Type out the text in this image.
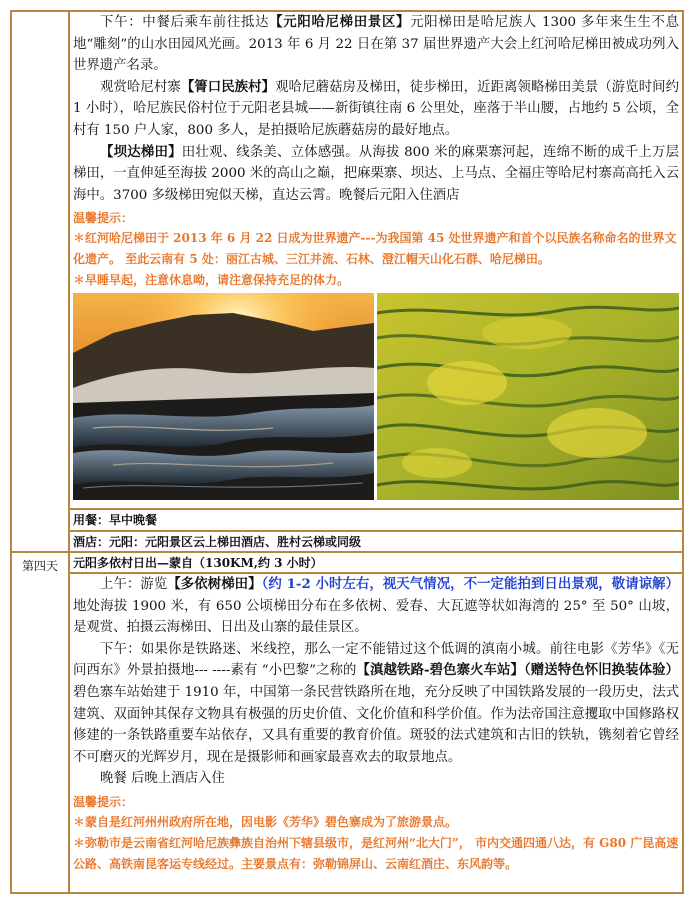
第四天

下午：中餐后乘车前往抵达【元阳哈尼梯田景区】元阳梯田是哈尼族人 1300 多年来生生不息地“雕刻”的山水田园风光画。2013 年 6 月 22 日在第 37 届世界遗产大会上红河哈尼梯田被成功列入世界遗产名录。

观赏哈尼村寨【箐口民族村】观哈尼蘑菇房及梯田，徒步梯田，近距离领略梯田美景（游览时间约 1 小时），哈尼族民俗村位于元阳老县城——新街镇往南 6 公里处，座落于半山腰，占地约 5 公顷，全村有 150 户人家，800 多人，是拍摄哈尼族蘑菇房的最好地点。

【坝达梯田】田壮观、线条美、立体感强。从海拔 800 米的麻栗寨河起，连绵不断的成千上万层梯田，一直伸延至海拔 2000 米的高山之巅，把麻栗寨、坝达、上马点、全福庄等哈尼村寨高高托入云海中。3700 多级梯田宛似天梯，直达云霄。晚餐后元阳入住酒店

温馨提示：

✽红河哈尼梯田于 2013 年 6 月 22 日成为世界遗产---为我国第 45 处世界遗产和首个以民族名称命名的世界文化遗产。 至此云南有 5 处：丽江古城、三江并流、石林、澄江帽天山化石群、哈尼梯田。

✽早睡早起，注意休息呦，请注意保持充足的体力。

用餐：早中晚餐

酒店：元阳：元阳景区云上梯田酒店、胜村云梯或同级

元阳多依村日出—蒙自（130KM,约 3 小时）

上午：游览【多依树梯田】（约 1-2 小时左右，视天气情况，不一定能拍到日出景观，敬请谅解）地处海拔 1900 米，有 650 公顷梯田分布在多依树、爱春、大瓦遮等状如海湾的 25° 至 50° 山坡，是观赏、拍摄云海梯田、日出及山寨的最佳景区。

下午：如果你是铁路迷、米线控，那么一定不能错过这个低调的滇南小城。前往电影《芳华》《无问西东》外景拍摄地--- ----素有 “小巴黎”之称的【滇越铁路-碧色寨火车站】（赠送特色怀旧换装体验）碧色寨车站始建于 1910 年，中国第一条民营铁路所在地，充分反映了中国铁路发展的一段历史，法式建筑、双面钟其保存文物具有极强的历史价值、文化价值和科学价值。作为法帝国注意攫取中国修路权修建的一条铁路重要车站依存，又具有重要的教育价值。斑驳的法式建筑和古旧的铁轨，镌刻着它曾经不可磨灭的光辉岁月，现在是摄影师和画家最喜欢去的取景地点。

晚餐 后晚上酒店入住

温馨提示：

✽蒙自是红河州州政府所在地，因电影《芳华》碧色寨成为了旅游景点。

✽弥勒市是云南省红河哈尼族彝族自治州下辖县级市，是红河州“北大门”， 市内交通四通八达，有 G80 广昆高速公路、高铁南昆客运专线经过。主要景点有：弥勒锦屏山、云南红酒庄、东风韵等。
